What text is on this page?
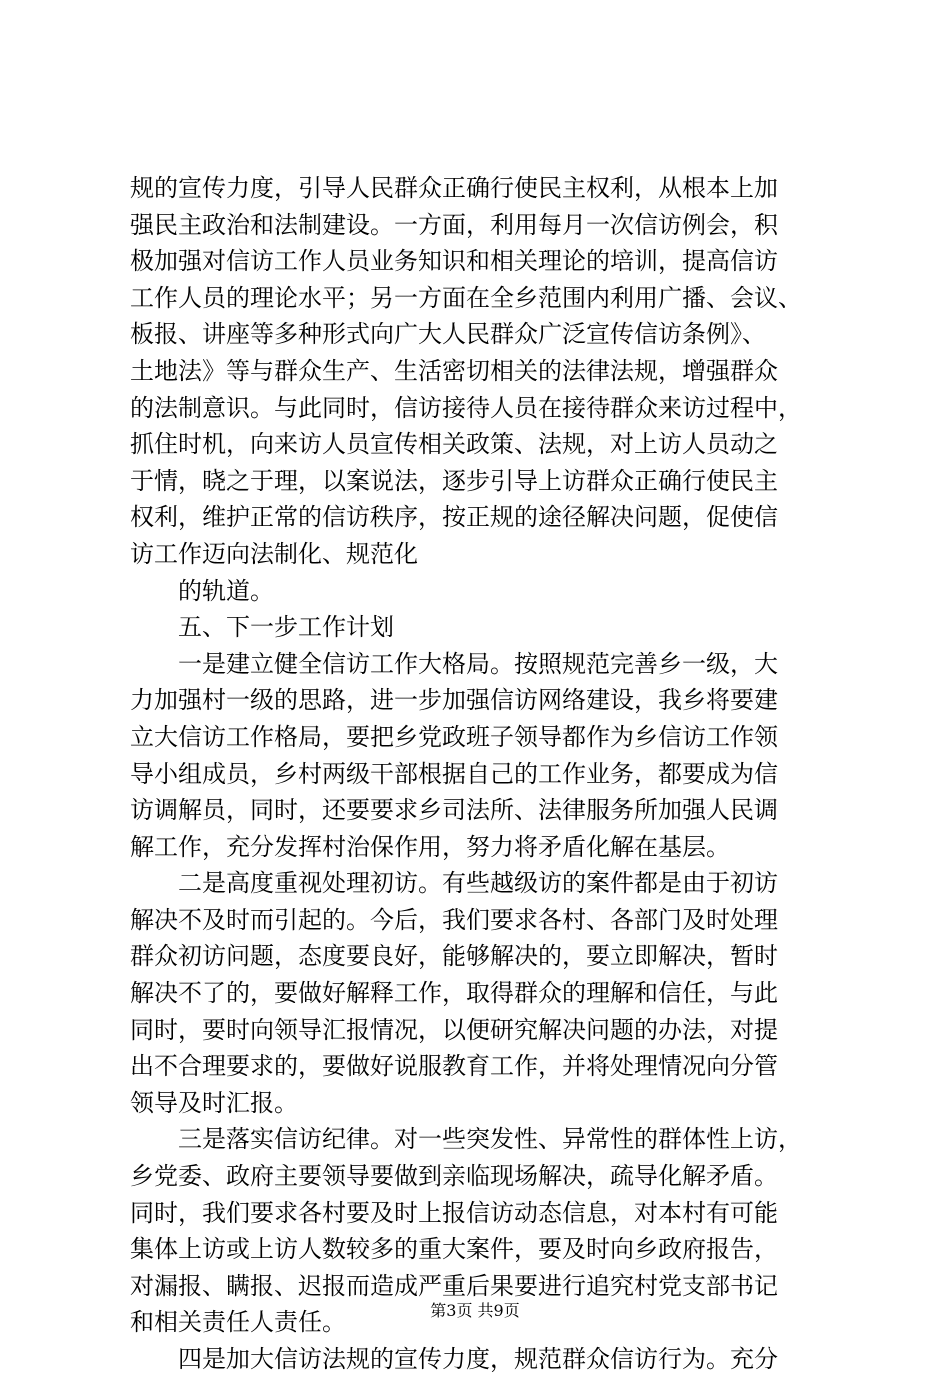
规的宣传力度，引导人民群众正确行使民主权利，从根本上加
强民主政治和法制建设。一方面，利用每月一次信访例会，积
极加强对信访工作人员业务知识和相关理论的培训，提高信访
工作人员的理论水平；另一方面在全乡范围内利用广播、会议、
板报、讲座等多种形式向广大人民群众广泛宣传信访条例》、
土地法》等与群众生产、生活密切相关的法律法规，增强群众
的法制意识。与此同时，信访接待人员在接待群众来访过程中，
抓住时机，向来访人员宣传相关政策、法规，对上访人员动之
于情，晓之于理，以案说法，逐步引导上访群众正确行使民主
权利，维护正常的信访秩序，按正规的途径解决问题，促使信
访工作迈向法制化、规范化
的轨道。
五、下一步工作计划
一是建立健全信访工作大格局。按照规范完善乡一级，大
力加强村一级的思路，进一步加强信访网络建设，我乡将要建
立大信访工作格局，要把乡党政班子领导都作为乡信访工作领
导小组成员，乡村两级干部根据自己的工作业务，都要成为信
访调解员，同时，还要要求乡司法所、法律服务所加强人民调
解工作，充分发挥村治保作用，努力将矛盾化解在基层。
二是高度重视处理初访。有些越级访的案件都是由于初访
解决不及时而引起的。今后，我们要求各村、各部门及时处理
群众初访问题，态度要良好，能够解决的，要立即解决，暂时
解决不了的，要做好解释工作，取得群众的理解和信任，与此
同时，要时向领导汇报情况，以便研究解决问题的办法，对提
出不合理要求的，要做好说服教育工作，并将处理情况向分管
领导及时汇报。
三是落实信访纪律。对一些突发性、异常性的群体性上访，
乡党委、政府主要领导要做到亲临现场解决，疏导化解矛盾。
同时，我们要求各村要及时上报信访动态信息，对本村有可能
集体上访或上访人数较多的重大案件，要及时向乡政府报告，
对漏报、瞒报、迟报而造成严重后果要进行追究村党支部书记
和相关责任人责任。
四是加大信访法规的宣传力度，规范群众信访行为。充分
第3页 共9页
